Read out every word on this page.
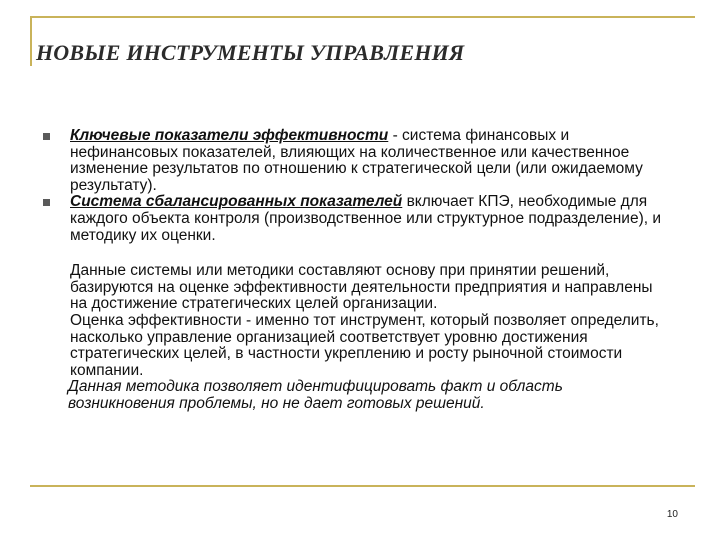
НОВЫЕ ИНСТРУМЕНТЫ УПРАВЛЕНИЯ
Ключевые показатели эффективности - система финансовых и нефинансовых показателей, влияющих на количественное или качественное изменение результатов по отношению к стратегической цели (или ожидаемому результату).
Система сбалансированных показателей включает КПЭ, необходимые для каждого объекта контроля (производственное или структурное подразделение), и методику их оценки.
Данные системы или методики составляют основу при принятии решений, базируются на оценке эффективности деятельности предприятия и направлены на достижение стратегических целей организации.
Оценка эффективности - именно тот инструмент, который позволяет определить, насколько управление организацией соответствует уровню достижения стратегических целей, в частности укреплению и росту рыночной стоимости компании.
Данная методика позволяет идентифицировать факт и область возникновения проблемы, но не дает готовых решений.
10
